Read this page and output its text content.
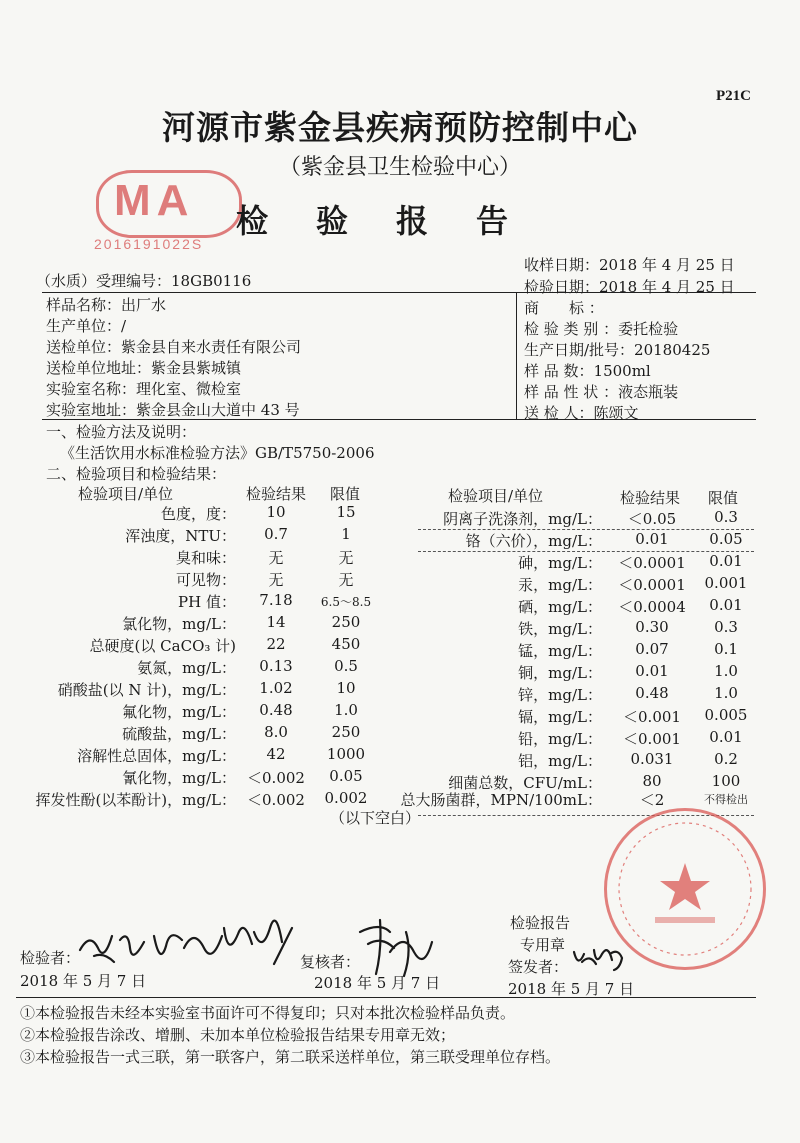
P21C
河源市紫金县疾病预防控制中心
（紫金县卫生检验中心）
MA
2016191022S
检验报告
收样日期：2018 年 4 月 25 日
检验日期：2018 年 4 月 25 日
（水质）受理编号：18GB0116
样品名称：出厂水
生产单位：/
送检单位：紫金县自来水责任有限公司
送检单位地址：紫金县紫城镇
实验室名称：理化室、微检室
实验室地址：紫金县金山大道中 43 号
商　　标 ：
检 验 类 别 ：委托检验
生产日期/批号：20180425
样 品 数：1500ml
样 品 性 状 ：液态瓶装
送 检 人：陈颂文
一、检验方法及说明：
《生活饮用水标准检验方法》GB/T5750-2006
二、检验项目和检验结果：
检验项目/单位	检验结果 限值	检验项目/单位	检验结果 限值
色度，度：	10	15
浑浊度，NTU：	0.7	1
臭和味：	无	无
可见物：	无	无
PH 值：	7.18	6.5～8.5
氯化物，mg/L：	14	250
总硬度(以 CaCO₃ 计)	22	450
氨氮，mg/L：	0.13	0.5
硝酸盐(以 N 计)，mg/L：	1.02	10
氟化物，mg/L：	0.48	1.0
硫酸盐，mg/L：	8.0	250
溶解性总固体，mg/L：	42	1000
氰化物，mg/L： ＜0.002	0.05
挥发性酚(以苯酚计)，mg/L： ＜0.002	0.002
阴离子洗涤剂，mg/L：	＜0.05	0.3
铬（六价），mg/L：	0.01	0.05
砷，mg/L：	＜0.0001	0.01
汞，mg/L：	＜0.0001	0.001
硒，mg/L：	＜0.0004	0.01
铁，mg/L：	0.30	0.3
锰，mg/L：	0.07	0.1
铜，mg/L：	0.01	1.0
锌，mg/L：	0.48	1.0
镉，mg/L：	＜0.001	0.005
铅，mg/L：	＜0.001	0.01
铝，mg/L：	0.031	0.2
细菌总数，CFU/mL：	80	100
总大肠菌群，MPN/100mL：	＜2	不得检出
（以下空白）
检验者：
2018 年 5 月 7 日
复核者：
2018 年 5 月 7 日
检验报告
专用章
签发者：
2018 年 5 月 7 日
①本检验报告未经本实验室书面许可不得复印；只对本批次检验样品负责。
②本检验报告涂改、增删、未加本单位检验报告结果专用章无效；
③本检验报告一式三联，第一联客户，第二联采送样单位，第三联受理单位存档。
